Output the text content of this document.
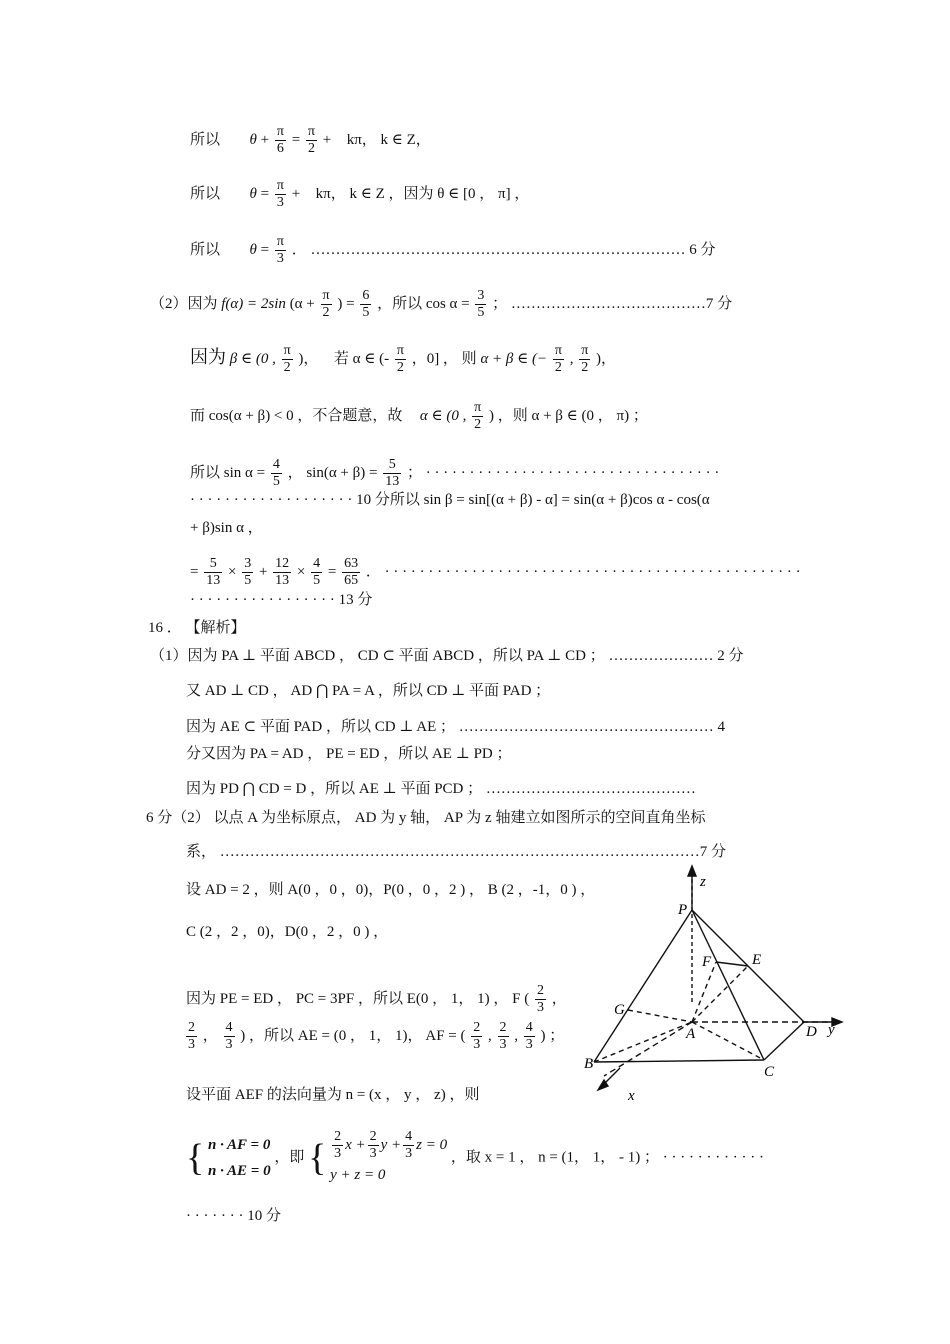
所以 $\theta + \frac{\pi}{6} = \frac{\pi}{2} + k\pi$， k ∈ Z，
所以 $\theta = \frac{\pi}{3} + k\pi$， k ∈ Z ，因为 θ ∈ [0 ， π] ，
所以 $\theta = \frac{\pi}{3}$ ． ………………………………………………………………… 6 分
（2）因为 f(α) = 2sin ($\alpha + \frac{\pi}{2}$ ) = $\frac{6}{5}$ ，所以 $\cos \alpha = \frac{3}{5}$ ； …………………………………7 分
因为 β ∈ (0 , $\frac{\pi}{2}$ )， 若 α ∈ (- $\frac{\pi}{2}$ ，0] ， 则 α + β ∈ (− $\frac{\pi}{2}$ , $\frac{\pi}{2}$ )，
而 cos(α + β) < 0 ，不合题意，故 α ∈ (0 , $\frac{\pi}{2}$ ) ，则 α + β ∈ (0 ， π) ；
所以 $\sin \alpha = \frac{4}{5}$ ， $\sin(\alpha + \beta) = \frac{5}{13}$ ； · · · · · · · · · · · · · · · · · · · · · · · · · · · · · · · · · ·
· · · · · · · · · · · · · · · · · · · 10 分所以 sin β = sin[(α + β) - α] = sin(α + β)cos α - cos(α
+ β)sin α ，
= $\frac{5}{13} \times \frac{3}{5} + \frac{12}{13} \times \frac{4}{5} = \frac{63}{65}$ ． · · · · · · · · · · · · · · · · · · · · · · · · · · · · · · · · · · · · · · · · · · · · · · · ·
· · · · · · · · · · · · · · · · · 13 分
16 ． 【解析】
（1）因为 PA ⊥ 平面 ABCD ， CD ⊂ 平面 ABCD ，所以 PA ⊥ CD ； ………………… 2 分
又 AD ⊥ CD ， AD ⋂ PA = A ，所以 CD ⊥ 平面 PAD ；
因为 AE ⊂ 平面 PAD ，所以 CD ⊥ AE ； …………………………………………… 4
分又因为 PA = AD ， PE = ED ，所以 AE ⊥ PD ；
因为 PD ⋂ CD = D ，所以 AE ⊥ 平面 PCD ； ……………………………………
6 分（2） 以点 A 为坐标原点， AD 为 y 轴， AP 为 z 轴建立如图所示的空间直角坐标
系， ……………………………………………………………………………………7 分
设 AD = 2 ，则 A(0 ，0 ，0)，P(0 ，0 ，2 ) ， B (2 ，-1，0 ) ，
C (2 ，2 ，0)，D(0 ，2 ，0 ) ，
因为 PE = ED ， PC = 3PF ，所以 E(0 ， 1， 1) ， F ( $\frac{2}{3}$ ，
$\frac{2}{3}$ ， $\frac{4}{3}$ ) ，所以 AE = (0 ， 1， 1)， AF = ( $\frac{2}{3}$ , $\frac{2}{3}$ , $\frac{4}{3}$ ) ；
设平面 AEF 的法向量为 n = (x ， y ， z) ，则
{ n · AF = 0
n · AE = 0
，即 { $\frac{2}{3}$ $x + \frac{2}{3}$ $y + \frac{4}{3}$ z = 0
y + z = 0
，取 x = 1 ， n = (1， 1， - 1) ； · · · · · · · · · · · ·
· · · · · · · 10 分
z
P
F	E
G
A	D y
B	C
x
